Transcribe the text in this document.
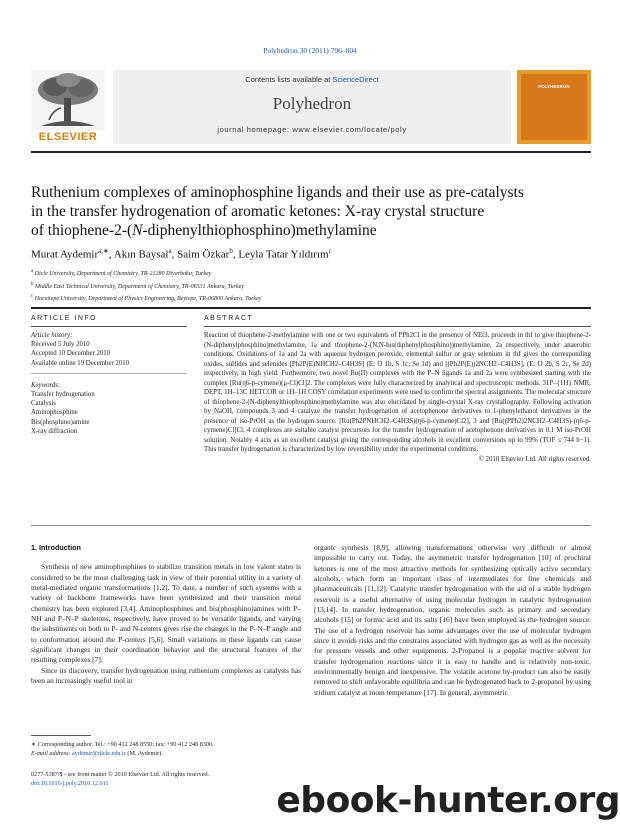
Polyhedron 30 (2011) 796–804
ELSEVIER
Contents lists available at ScienceDirect
Polyhedron
journal homepage: www.elsevier.com/locate/poly
POLYHEDRON
Ruthenium complexes of aminophosphine ligands and their use as pre-catalysts
in the transfer hydrogenation of aromatic ketones: X-ray crystal structure
of thiophene-2-(N-diphenylthiophosphino)methylamine
Murat Aydemir$^{a,∗}$, Akın Baysal$^a$, Saim Özkar$^b$, Leyla Tatar Yıldırım$^c$
$^a$ Dicle University, Department of Chemistry, TR-21280 Diyarbakır, Turkey
$^b$ Middle East Technical University, Department of Chemistry, TR-06531 Ankara, Turkey
$^c$ Hacettepe University, Department of Physics Engineering, Beytepe, TR-06800 Ankara, Turkey
ARTICLE INFO
Article history:
Received 5 July 2010
Accepted 10 December 2010
Available online 19 December 2010
Keywords:
Transfer hydrogenation
Catalysis
Aminophosphine
Bis(phosphino)amine
X-ray diffraction
ABSTRACT
Reaction of thiophene-2-methylamine with one or two equivalents of PPh2Cl in the presence of NEt3, proceeds in thf to give thiophene-2-(N-diphenylphosphino)methylamine, 1a and thiophene-2-(N,N-bis(diphenylphosphino))methylamine, 2a respectively, under anaerobic conditions. Oxidations of 1a and 2a with aqueous hydrogen peroxide, elemental sulfur or gray selenium in thf gives the corresponding oxides, sulfides and selenides [Ph2P(E)NHCH2–C4H3S] (E: O 1b, S 1c, Se 1d) and [(Ph2P(E))2NCH2–C4H3S], (E: O 2b, S 2c, Se 2d) respectively, in high yield. Furthermore, two novel Ru(II) complexes with the P–N ligands 1a and 2a were synthesized starting with the complex [Ru(η6-p-cymene)(μ-Cl)Cl]2. The complexes were fully characterized by analytical and spectroscopic methods. 31P–{1H} NMR, DEPT, 1H–13C HETCOR or 1H–1H COSY correlation experiments were used to confirm the spectral assignments. The molecular structure of thiophene-2-(N-diphenylthiophosphino)methylamine was also elucidated by single-crystal X-ray crystallography. Following activation by NaOH, compounds 3 and 4 catalyze the transfer hydrogenation of acetophenone derivatives to 1-phenylethanol derivatives in the presence of iso-PrOH as the hydrogen source. [Ru(Ph2PNHCH2–C4H3S)(η6-p-cymene)Cl2], 3 and [Ru((PPh2)2NCH2–C4H3S)-(η6-p-cymene)Cl]Cl, 4 complexes are suitable catalyst precursors for the transfer hydrogenation of acetophenone derivatives in 0.1 M iso-PrOH solution. Notably 4 acts as an excellent catalyst giving the corresponding alcohols in excellent conversions up to 99% (TOF ≤ 744 h−1). This transfer hydrogenation is characterized by low reversibility under the experimental conditions.
© 2010 Elsevier Ltd. All rights reserved.
1. Introduction

Synthesis of new aminophosphines to stabilize transition metals in low valent states is considered to be the most challenging task in view of their potential utility in a variety of metal-mediated organic transformations [1,2]. To date, a number of such systems with a variety of backbone frameworks have been synthesized and their transition metal chemistry has been explored [3,4]. Aminophosphines and bis(phosphino)amines with P–NH and P–N–P skeletons, respectively, have proved to be versatile ligands, and varying the substituents on both to P- and N-centers gives rise the changes in the P–N–P angle and to conformation around the P-centers [5,6]. Small variations in these ligands can cause significant changes in their coordination behavior and the structural features of the resulting complexes [7].

Since its discovery, transfer hydrogenation using ruthenium complexes as catalysts has been an increasingly useful tool in

organic synthesis [8,9], allowing transformations otherwise very difficult or almost impossible to carry out. Today, the asymmetric transfer hydrogenation [10] of prochiral ketones is one of the most attractive methods for synthesizing optically active secondary alcohols, which form an important class of intermediates for fine chemicals and pharmaceuticals [11,12]. Catalytic transfer hydrogenation with the aid of a stable hydrogen reservoir is a useful alternative of using molecular hydrogen in catalytic hydrogenation [13,14]. In transfer hydrogenation, organic molecules such as primary and secondary alcohols [15] or formic acid and its salts [16] have been employed as the hydrogen source. The use of a hydrogen reservoir has some advantages over the use of molecular hydrogen since it avoids risks and the constrains associated with hydrogen gas as well as the necessity for pressure vessels and other equipments. 2-Propanol is a popular reactive solvent for transfer hydrogenation reactions since it is easy to handle and is relatively non-toxic, environmentally benign and inexpensive. The volatile acetone by-product can also be easily removed to shift unfavorable equilibria and can be hydrogenated back to 2-propanol by using iridium catalyst at room temperature [17]. In general, asymmetric

∗ Corresponding author. Tel.: +90 412 248 8550; fax: +90 412 248 8300.
E-mail address: aydemir@dicle.edu.tr (M. Aydemir).
0277-5387/$ - see front matter © 2010 Elsevier Ltd. All rights reserved.
doi:10.1016/j.poly.2010.12.011	ebook-hunter.org
